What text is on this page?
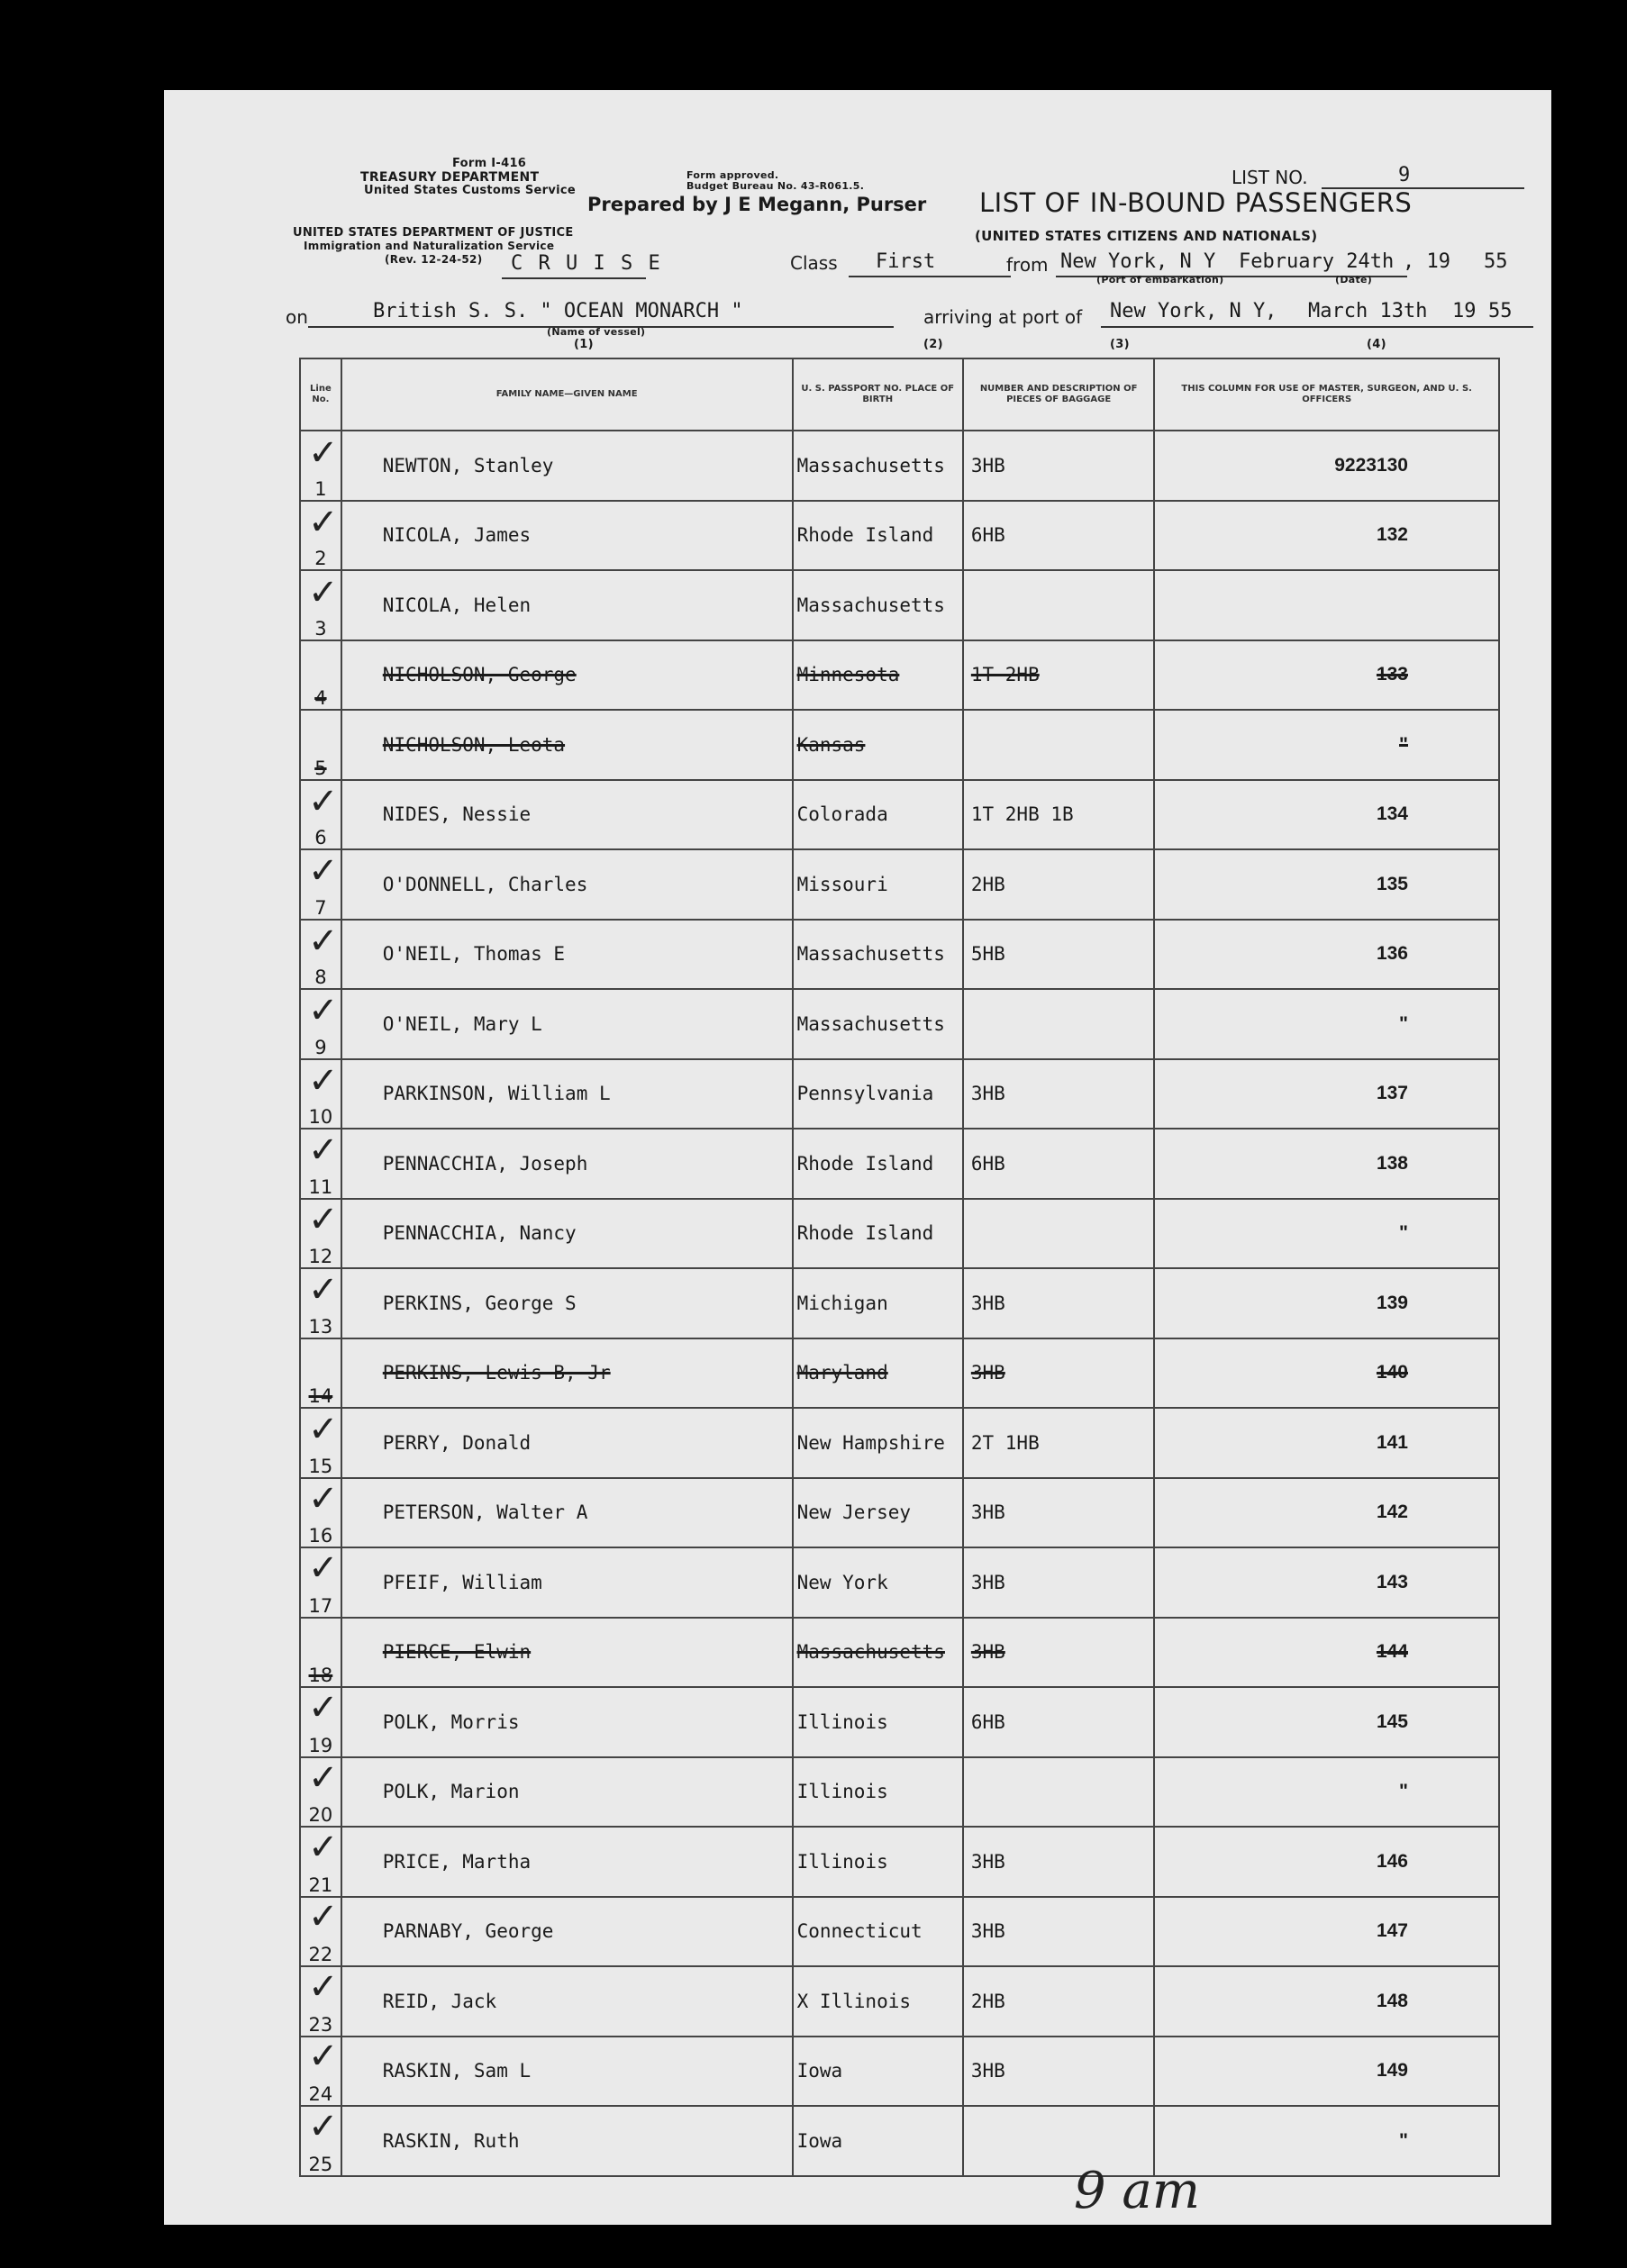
Form I-416
TREASURY DEPARTMENT
United States Customs Service
UNITED STATES DEPARTMENT OF JUSTICE
Immigration and Naturalization Service
(Rev. 12-24-52) C R U I S E
Form approved.
Budget Bureau No. 43-R061.5.
Prepared by J E Megann, Purser
LIST NO.	9
LIST OF IN-BOUND PASSENGERS
(UNITED STATES CITIZENS AND NATIONALS)
Class First	from New York, N Y February 24th , 19 55
(Port of embarkation)	(Date)
on	British S. S. " OCEAN MONARCH "
(Name of vessel)
arriving at port of New York, N Y, March 13th 19 55
(1)	(2)	(3)	(4)
Line No.	FAMILY NAME—GIVEN NAME	U. S. PASSPORT NO. PLACE OF BIRTH	NUMBER AND DESCRIPTION OF PIECES OF BAGGAGE	THIS COLUMN FOR USE OF MASTER, SURGEON, AND U. S. OFFICERS
1	NEWTON, Stanley	Massachusetts	3HB	9223130
2	NICOLA, James	Rhode Island	6HB	132
3	NICOLA, Helen	Massachusetts		
4	NICHOLSON, George	Minnesota	1T 2HB	133
5	NICHOLSON, Leota	Kansas		"
6	NIDES, Nessie	Colorada	1T 2HB 1B	134
7	O'DONNELL, Charles	Missouri	2HB	135
8	O'NEIL, Thomas E	Massachusetts	5HB	136
9	O'NEIL, Mary L	Massachusetts		"
10	PARKINSON, William L	Pennsylvania	3HB	137
11	PENNACCHIA, Joseph	Rhode Island	6HB	138
12	PENNACCHIA, Nancy	Rhode Island		"
13	PERKINS, George S	Michigan	3HB	139
14	PERKINS, Lewis B, Jr	Maryland	3HB	140
15	PERRY, Donald	New Hampshire	2T 1HB	141
16	PETERSON, Walter A	New Jersey	3HB	142
17	PFEIF, William	New York	3HB	143
18	PIERCE, Elwin	Massachusetts	3HB	144
19	POLK, Morris	Illinois	6HB	145
20	POLK, Marion	Illinois		"
21	PRICE, Martha	Illinois	3HB	146
22	PARNABY, George	Connecticut	3HB	147
23	REID, Jack	X Illinois	2HB	148
24	RASKIN, Sam L	Iowa	3HB	149
25	RASKIN, Ruth	Iowa		"
✓
✓
✓
✓
✓
✓
✓
✓
✓
✓
✓
✓
✓
✓
✓
✓
✓
✓
✓
✓
✓
9 am
